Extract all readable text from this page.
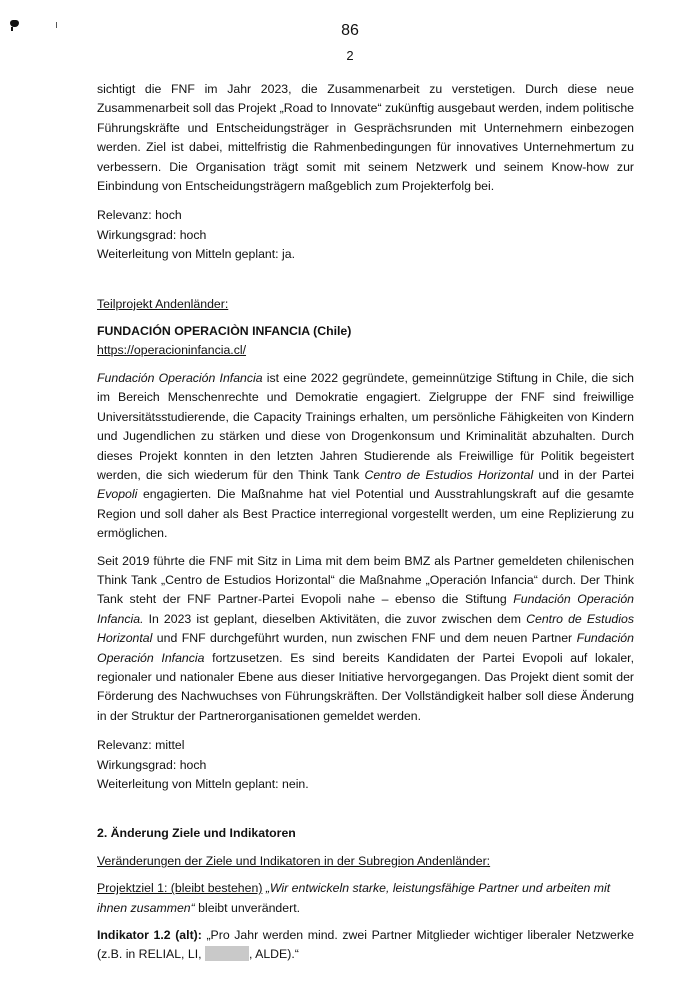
86
2

sichtigt die FNF im Jahr 2023, die Zusammenarbeit zu verstetigen. Durch diese neue Zusammenarbeit soll das Projekt „Road to Innovate“ zukünftig ausgebaut werden, indem politische Führungskräfte und Entscheidungsträger in Gesprächsrunden mit Unternehmern einbezogen werden. Ziel ist dabei, mittelfristig die Rahmenbedingungen für innovatives Unternehmertum zu verbessern. Die Organisation trägt somit mit seinem Netzwerk und seinem Know-how zur Einbindung von Entscheidungsträgern maßgeblich zum Projekterfolg bei.

Relevanz: hoch

Wirkungsgrad: hoch

Weiterleitung von Mitteln geplant: ja.

Teilprojekt Andenländer:

FUNDACIÓN OPERACIÒN INFANCIA (Chile)

https://operacioninfancia.cl/

Fundación Operación Infancia ist eine 2022 gegründete, gemeinnützige Stiftung in Chile, die sich im Bereich Menschenrechte und Demokratie engagiert. Zielgruppe der FNF sind freiwillige Universitätsstudierende, die Capacity Trainings erhalten, um persönliche Fähigkeiten von Kindern und Jugendlichen zu stärken und diese von Drogenkonsum und Kriminalität abzuhalten. Durch dieses Projekt konnten in den letzten Jahren Studierende als Freiwillige für Politik begeistert werden, die sich wiederum für den Think Tank Centro de Estudios Horizontal und in der Partei Evopoli engagierten. Die Maßnahme hat viel Potential und Ausstrahlungskraft auf die gesamte Region und soll daher als Best Practice interregional vorgestellt werden, um eine Replizierung zu ermöglichen.

Seit 2019 führte die FNF mit Sitz in Lima mit dem beim BMZ als Partner gemeldeten chilenischen Think Tank „Centro de Estudios Horizontal“ die Maßnahme „Operación Infancia“ durch. Der Think Tank steht der FNF Partner-Partei Evopoli nahe – ebenso die Stiftung Fundación Operación Infancia. In 2023 ist geplant, dieselben Aktivitäten, die zuvor zwischen dem Centro de Estudios Horizontal und FNF durchgeführt wurden, nun zwischen FNF und dem neuen Partner Fundación Operación Infancia fortzusetzen. Es sind bereits Kandidaten der Partei Evopoli auf lokaler, regionaler und nationaler Ebene aus dieser Initiative hervorgegangen. Das Projekt dient somit der Förderung des Nachwuchses von Führungskräften. Der Vollständigkeit halber soll diese Änderung in der Struktur der Partnerorganisationen gemeldet werden.

Relevanz: mittel

Wirkungsgrad: hoch

Weiterleitung von Mitteln geplant: nein.

2. Änderung Ziele und Indikatoren

Veränderungen der Ziele und Indikatoren in der Subregion Andenländer:

Projektziel 1: (bleibt bestehen) „Wir entwickeln starke, leistungsfähige Partner und arbeiten mit ihnen zusammen“ bleibt unverändert.

Indikator 1.2 (alt): „Pro Jahr werden mind. zwei Partner Mitglieder wichtiger liberaler Netzwerke (z.B. in RELIAL, LI,	, ALDE).“
